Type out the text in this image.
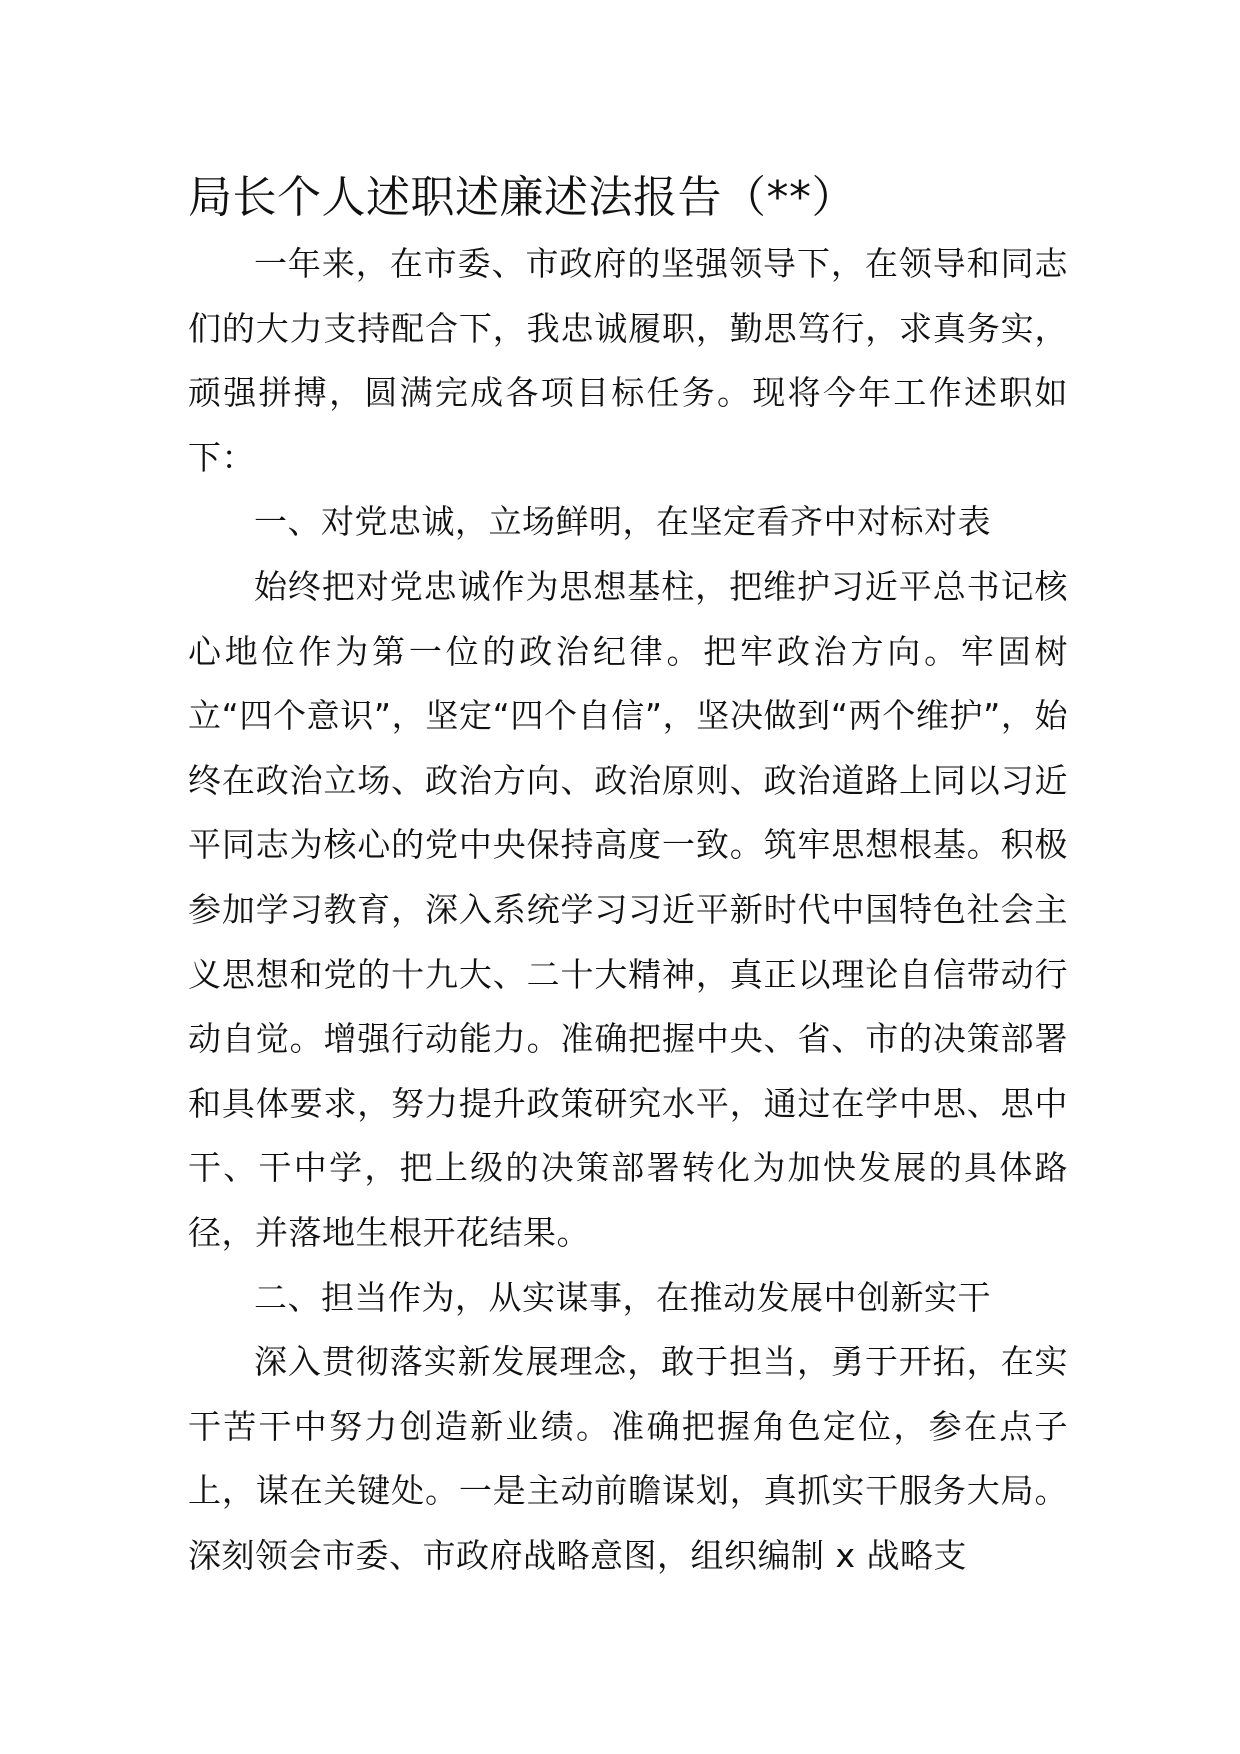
局长个人述职述廉述法报告（**）

一年来，在市委、市政府的坚强领导下，在领导和同志们的大力支持配合下，我忠诚履职，勤思笃行，求真务实，顽强拼搏，圆满完成各项目标任务。现将今年工作述职如下：

一、对党忠诚，立场鲜明，在坚定看齐中对标对表

始终把对党忠诚作为思想基柱，把维护习近平总书记核心地位作为第一位的政治纪律。把牢政治方向。牢固树立“四个意识”，坚定“四个自信”，坚决做到“两个维护”，始终在政治立场、政治方向、政治原则、政治道路上同以习近平同志为核心的党中央保持高度一致。筑牢思想根基。积极参加学习教育，深入系统学习习近平新时代中国特色社会主义思想和党的十九大、二十大精神，真正以理论自信带动行动自觉。增强行动能力。准确把握中央、省、市的决策部署和具体要求，努力提升政策研究水平，通过在学中思、思中干、干中学，把上级的决策部署转化为加快发展的具体路径，并落地生根开花结果。

二、担当作为，从实谋事，在推动发展中创新实干

深入贯彻落实新发展理念，敢于担当，勇于开拓，在实干苦干中努力创造新业绩。准确把握角色定位，参在点子上，谋在关键处。一是主动前瞻谋划，真抓实干服务大局。深刻领会市委、市政府战略意图，组织编制 x 战略支
